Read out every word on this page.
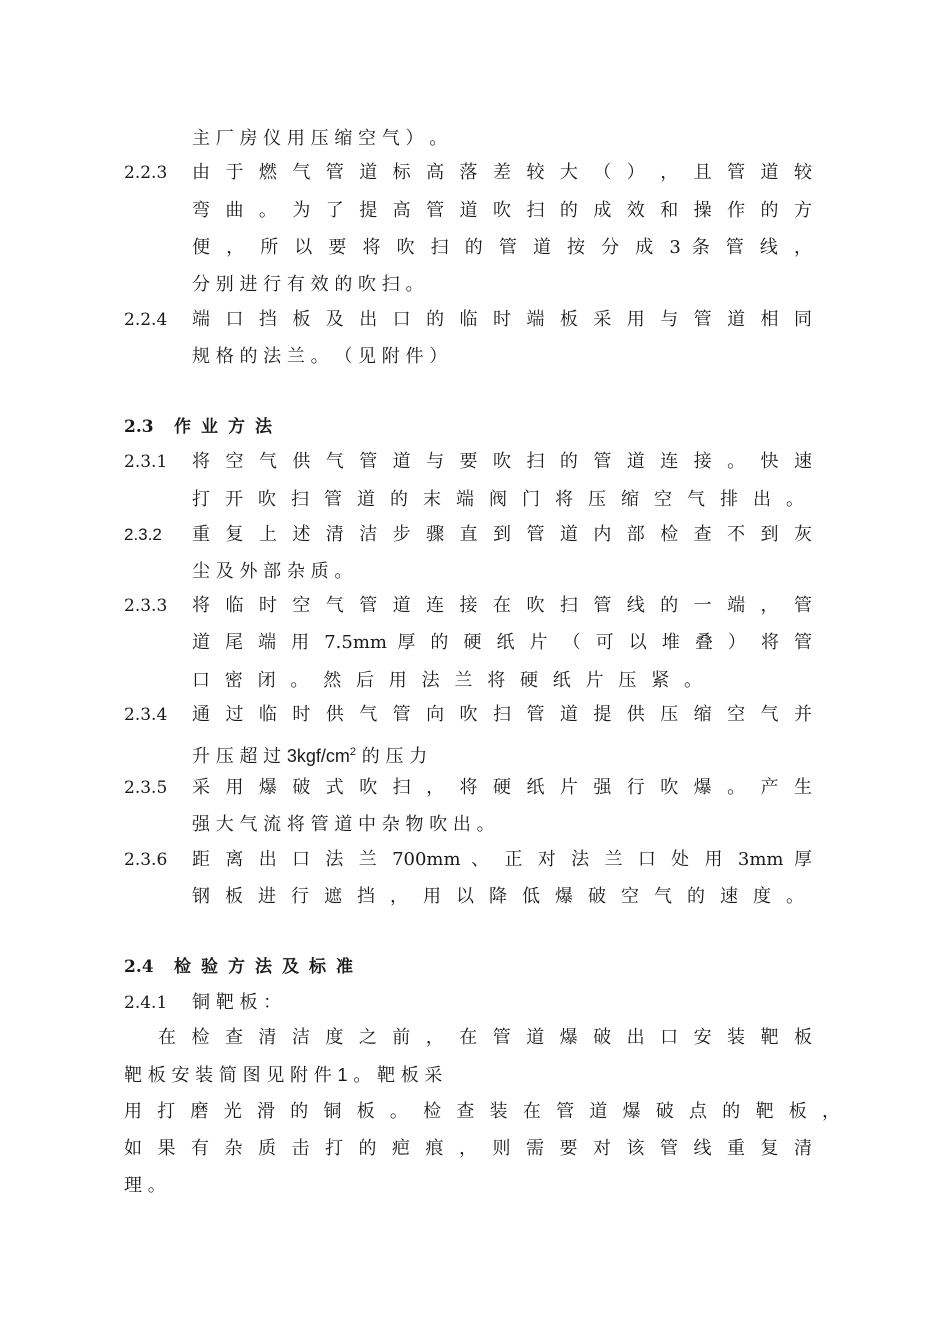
主 厂 房 仪 用 压 缩 空 气 ） 。
2.2.3 由 于 燃 气 管 道 标 高 落 差 较 大 （ ） ， 且 管 道 较
弯 曲 。 为 了 提 高 管 道 吹 扫 的 成 效 和 操 作 的 方
便 ， 所 以 要 将 吹 扫 的 管 道 按 分 成 3 条 管 线 ，
分 别 进 行 有 效 的 吹 扫 。
2.2.4 端 口 挡 板 及 出 口 的 临 时 端 板 采 用 与 管 道 相 同
规 格 的 法 兰 。 （ 见 附 件 ）
2.3 作业方法
2.3.1 将 空 气 供 气 管 道 与 要 吹 扫 的 管 道 连 接 。 快 速
打 开 吹 扫 管 道 的 末 端 阀 门 将 压 缩 空 气 排 出 。
2.3.2 重 复 上 述 清 洁 步 骤 直 到 管 道 内 部 检 查 不 到 灰
尘 及 外 部 杂 质 。
2.3.3 将 临 时 空 气 管 道 连 接 在 吹 扫 管 线 的 一 端 ， 管
道 尾 端 用 7.5mm 厚 的 硬 纸 片 （ 可 以 堆 叠 ） 将 管
口 密 闭 。 然 后 用 法 兰 将 硬 纸 片 压 紧 。
2.3.4 通 过 临 时 供 气 管 向 吹 扫 管 道 提 供 压 缩 空 气 并
升 压 超 过 $3kgf/cm^2$ 的 压 力
2.3.5 采 用 爆 破 式 吹 扫 ， 将 硬 纸 片 强 行 吹 爆 。 产 生
强 大 气 流 将 管 道 中 杂 物 吹 出 。
2.3.6 距 离 出 口 法 兰 700mm 、 正 对 法 兰 口 处 用 3mm 厚
钢 板 进 行 遮 挡 ， 用 以 降 低 爆 破 空 气 的 速 度 。
2.4 检验方法及标准
2.4.1 铜 靶 板 ：
在 检 查 清 洁 度 之 前 ， 在 管 道 爆 破 出 口 安 装 靶 板
靶 板 安 装 简 图 见 附 件 1 。 靶 板 采
用 打 磨 光 滑 的 铜 板 。 检 查 装 在 管 道 爆 破 点 的 靶 板 ，
如 果 有 杂 质 击 打 的 疤 痕 ， 则 需 要 对 该 管 线 重 复 清
理 。
